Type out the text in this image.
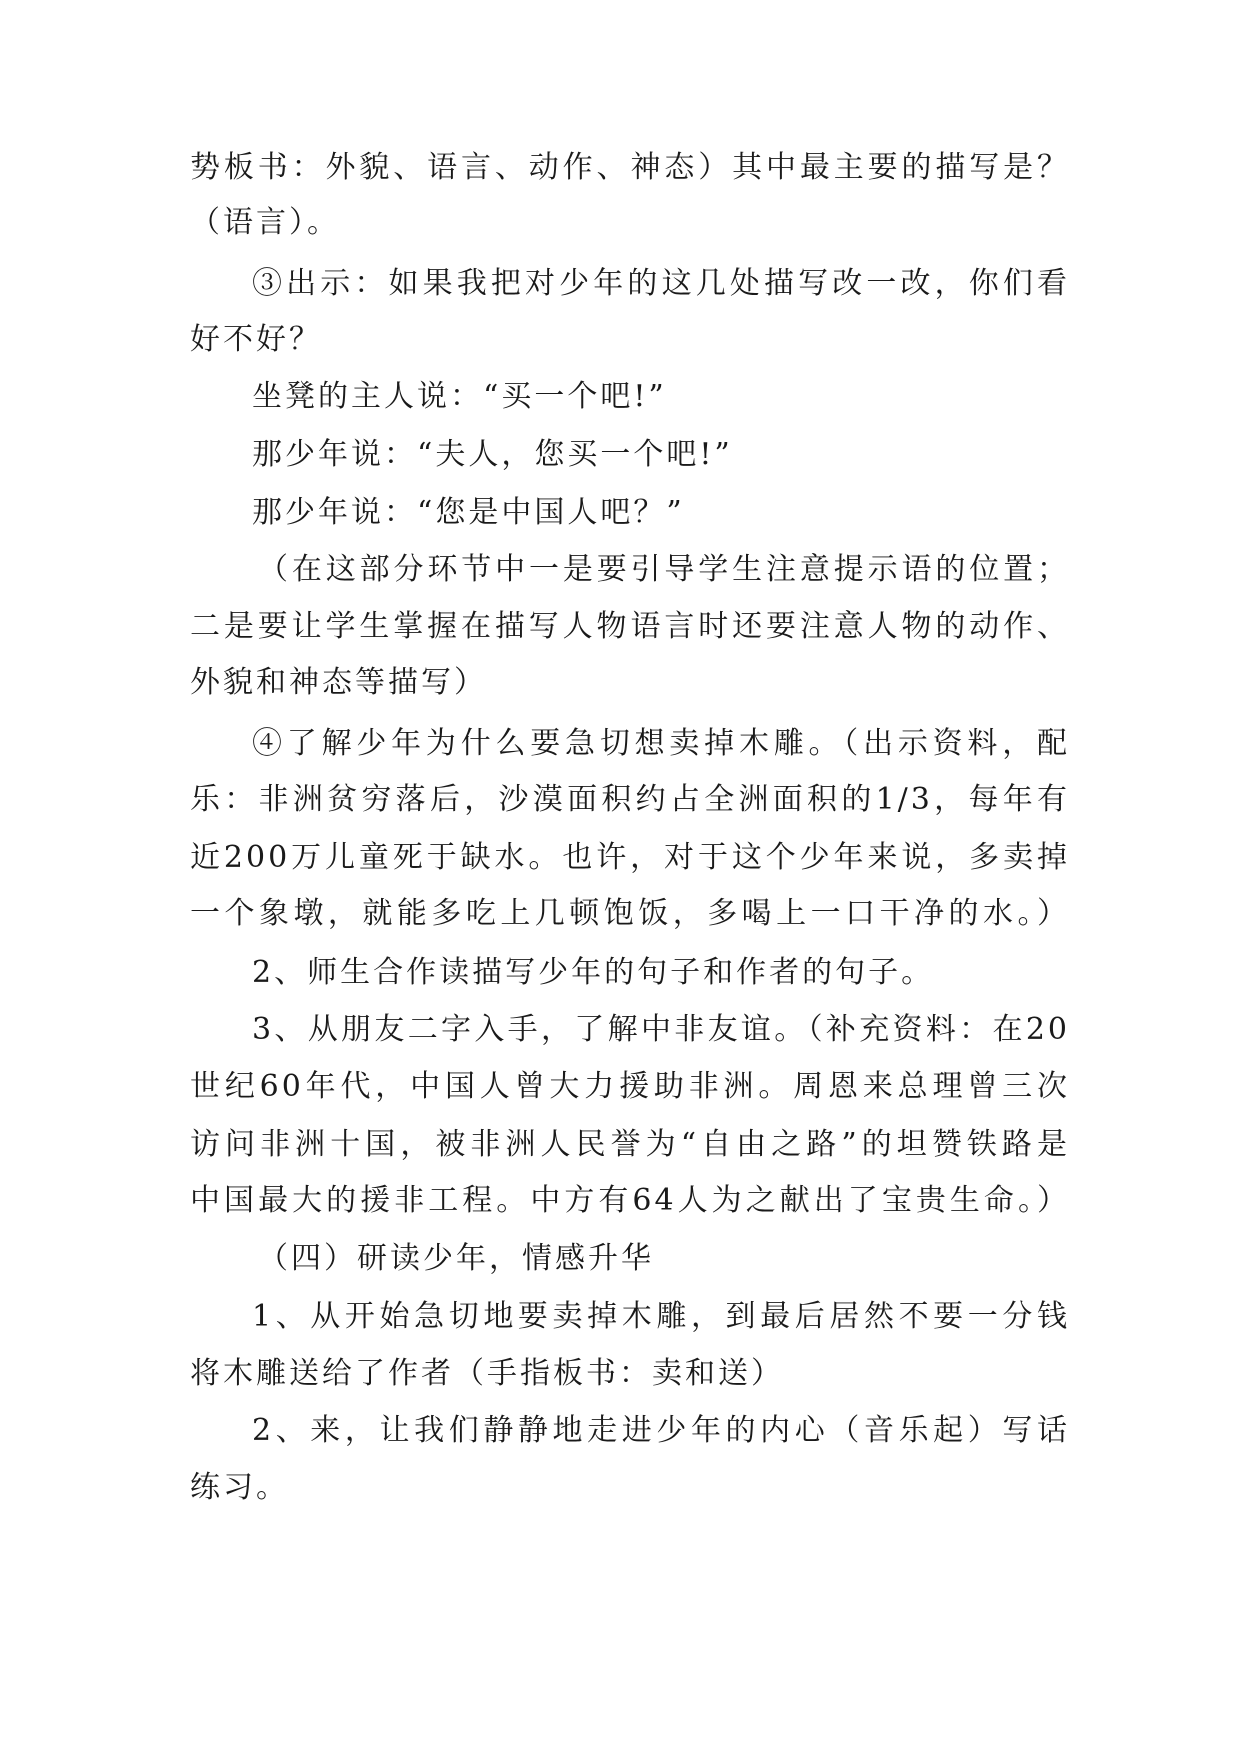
势板书：外貌、语言、动作、神态）其中最主要的描写是？
（语言）。
③出示：如果我把对少年的这几处描写改一改，你们看
好不好？
坐凳的主人说：“买一个吧!”
那少年说：“夫人，您买一个吧!”
那少年说：“您是中国人吧？”
（在这部分环节中一是要引导学生注意提示语的位置；
二是要让学生掌握在描写人物语言时还要注意人物的动作、
外貌和神态等描写）
④了解少年为什么要急切想卖掉木雕。（出示资料，配
乐：非洲贫穷落后，沙漠面积约占全洲面积的1/3，每年有
近200万儿童死于缺水。也许，对于这个少年来说，多卖掉
一个象墩，就能多吃上几顿饱饭，多喝上一口干净的水。）
2、师生合作读描写少年的句子和作者的句子。
3、从朋友二字入手，了解中非友谊。（补充资料：在20
世纪60年代，中国人曾大力援助非洲。周恩来总理曾三次
访问非洲十国，被非洲人民誉为“自由之路”的坦赞铁路是
中国最大的援非工程。中方有64人为之献出了宝贵生命。）
（四）研读少年，情感升华
1、从开始急切地要卖掉木雕，到最后居然不要一分钱
将木雕送给了作者（手指板书：卖和送）
2、来，让我们静静地走进少年的内心（音乐起）写话
练习。
